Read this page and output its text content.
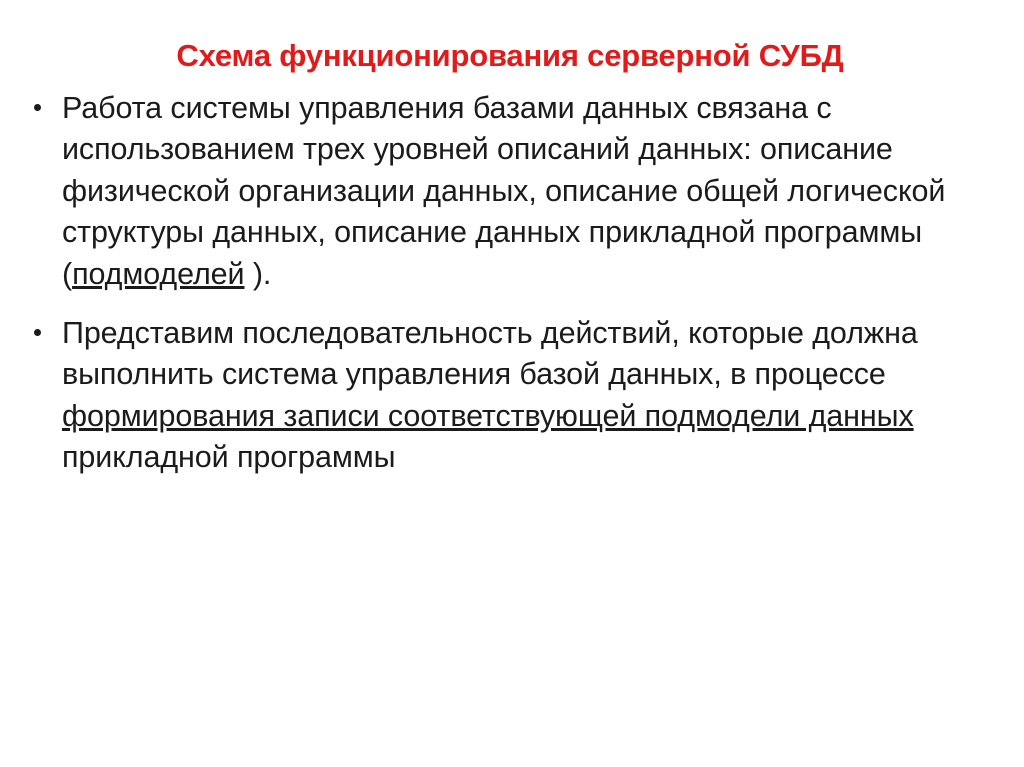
Схема функционирования серверной СУБД
Работа системы управления базами данных связана с использованием трех уровней описаний данных: описание физической организации данных, описание общей логической структуры данных, описание данных прикладной программы (подмоделей ).
Представим последовательность действий, которые должна выполнить система управления базой данных, в процессе формирования записи соответствующей подмодели данных прикладной программы
